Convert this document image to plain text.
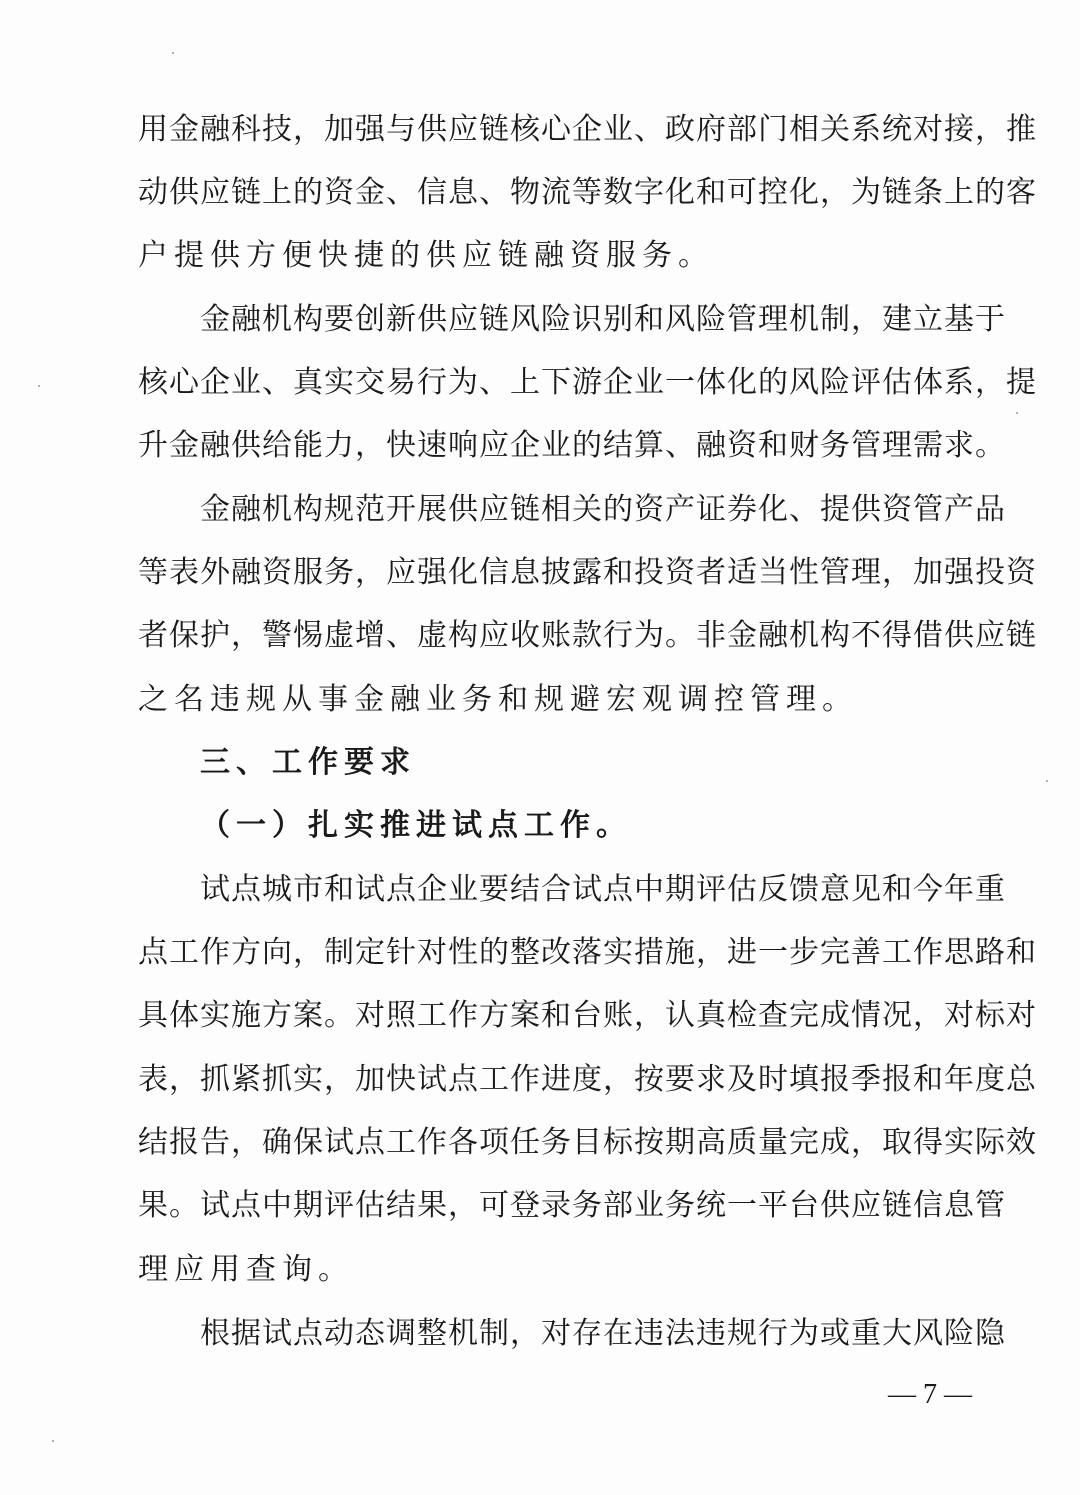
用金融科技，加强与供应链核心企业、政府部门相关系统对接，推
动供应链上的资金、信息、物流等数字化和可控化，为链条上的客
户提供方便快捷的供应链融资服务。
金融机构要创新供应链风险识别和风险管理机制，建立基于
核心企业、真实交易行为、上下游企业一体化的风险评估体系，提
升金融供给能力，快速响应企业的结算、融资和财务管理需求。
金融机构规范开展供应链相关的资产证券化、提供资管产品
等表外融资服务，应强化信息披露和投资者适当性管理，加强投资
者保护，警惕虚增、虚构应收账款行为。非金融机构不得借供应链
之名违规从事金融业务和规避宏观调控管理。
三、工作要求
（一）扎实推进试点工作。
试点城市和试点企业要结合试点中期评估反馈意见和今年重
点工作方向，制定针对性的整改落实措施，进一步完善工作思路和
具体实施方案。对照工作方案和台账，认真检查完成情况，对标对
表，抓紧抓实，加快试点工作进度，按要求及时填报季报和年度总
结报告，确保试点工作各项任务目标按期高质量完成，取得实际效
果。试点中期评估结果，可登录务部业务统一平台供应链信息管
理应用查询。
根据试点动态调整机制，对存在违法违规行为或重大风险隐
— 7 —
